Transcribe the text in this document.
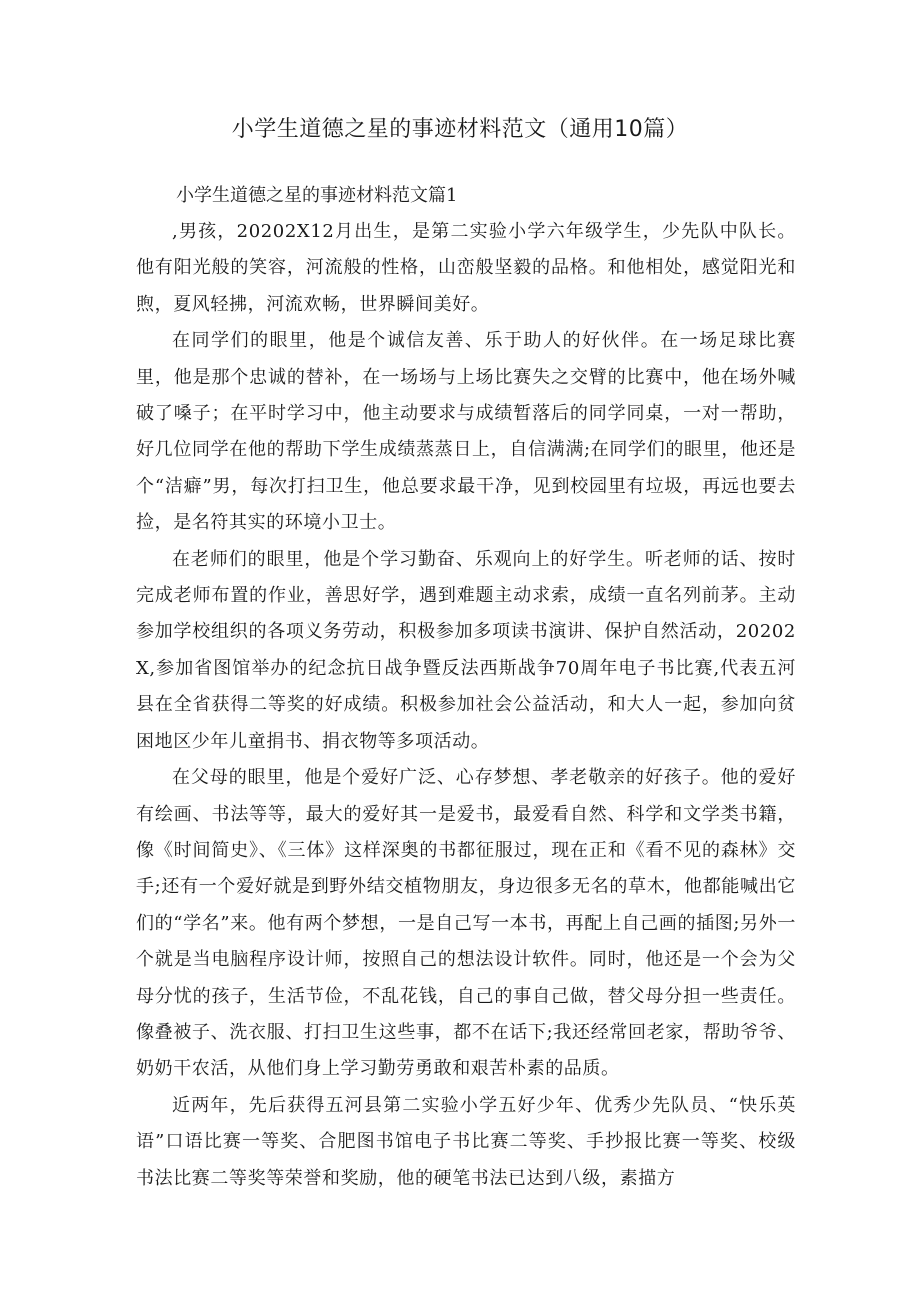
小学生道德之星的事迹材料范文（通用10篇）

小学生道德之星的事迹材料范文篇1

,男孩，20202X12月出生，是第二实验小学六年级学生，少先队中队长。他有阳光般的笑容，河流般的性格，山峦般坚毅的品格。和他相处，感觉阳光和煦，夏风轻拂，河流欢畅，世界瞬间美好。

在同学们的眼里，他是个诚信友善、乐于助人的好伙伴。在一场足球比赛里，他是那个忠诚的替补，在一场场与上场比赛失之交臂的比赛中，他在场外喊破了嗓子；在平时学习中，他主动要求与成绩暂落后的同学同桌，一对一帮助，好几位同学在他的帮助下学生成绩蒸蒸日上，自信满满;在同学们的眼里，他还是个“洁癖”男，每次打扫卫生，他总要求最干净，见到校园里有垃圾，再远也要去捡，是名符其实的环境小卫士。

在老师们的眼里，他是个学习勤奋、乐观向上的好学生。听老师的话、按时完成老师布置的作业，善思好学，遇到难题主动求索，成绩一直名列前茅。主动参加学校组织的各项义务劳动，积极参加多项读书演讲、保护自然活动，20202X,参加省图馆举办的纪念抗日战争暨反法西斯战争70周年电子书比赛,代表五河县在全省获得二等奖的好成绩。积极参加社会公益活动，和大人一起，参加向贫困地区少年儿童捐书、捐衣物等多项活动。

在父母的眼里，他是个爱好广泛、心存梦想、孝老敬亲的好孩子。他的爱好有绘画、书法等等，最大的爱好其一是爱书，最爱看自然、科学和文学类书籍，像《时间简史》、《三体》这样深奥的书都征服过，现在正和《看不见的森林》交手;还有一个爱好就是到野外结交植物朋友，身边很多无名的草木，他都能喊出它们的“学名”来。他有两个梦想，一是自己写一本书，再配上自己画的插图;另外一个就是当电脑程序设计师，按照自己的想法设计软件。同时，他还是一个会为父母分忧的孩子，生活节俭，不乱花钱，自己的事自己做，替父母分担一些责任。像叠被子、洗衣服、打扫卫生这些事，都不在话下;我还经常回老家，帮助爷爷、奶奶干农活，从他们身上学习勤劳勇敢和艰苦朴素的品质。

近两年，先后获得五河县第二实验小学五好少年、优秀少先队员、“快乐英语”口语比赛一等奖、合肥图书馆电子书比赛二等奖、手抄报比赛一等奖、校级书法比赛二等奖等荣誉和奖励，他的硬笔书法已达到八级，素描方
